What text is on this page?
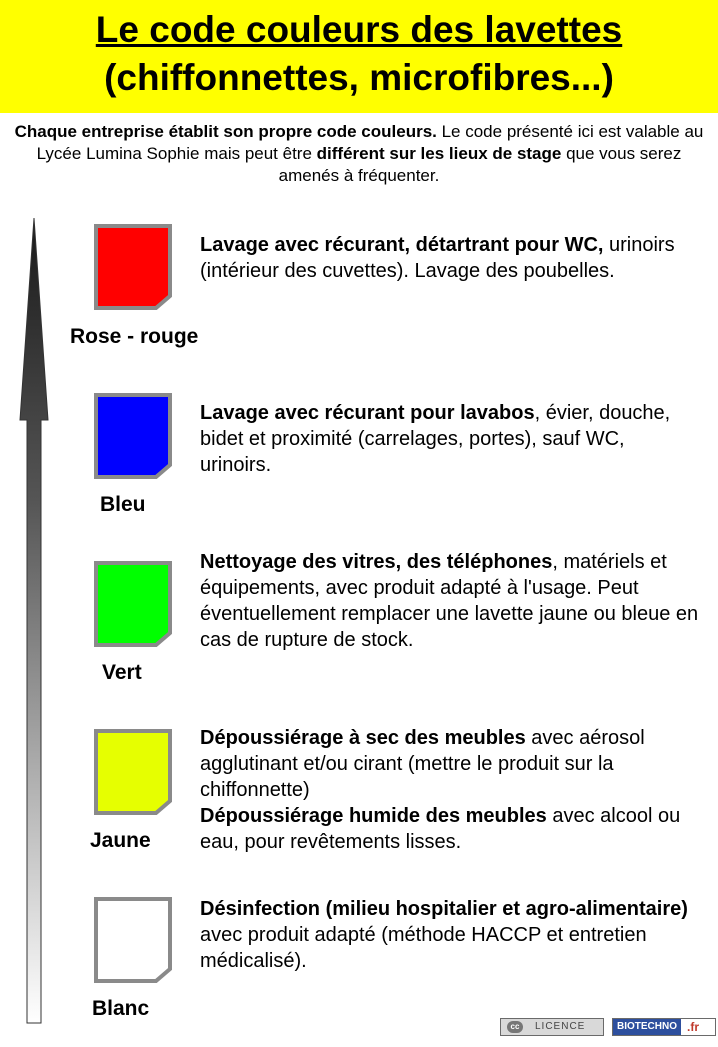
Le code couleurs des lavettes
(chiffonnettes, microfibres...)
Chaque entreprise établit son propre code couleurs. Le code présenté ici est valable au Lycée Lumina Sophie mais peut être différent sur les lieux de stage que vous serez amenés à fréquenter.
Rose - rouge
Lavage avec récurant, détartrant pour WC, urinoirs (intérieur des cuvettes). Lavage des poubelles.
Bleu
Lavage avec récurant pour lavabos, évier, douche, bidet et proximité (carrelages, portes), sauf WC, urinoirs.
Vert
Nettoyage des vitres, des téléphones, matériels et équipements, avec produit adapté à l'usage. Peut éventuellement remplacer une lavette jaune ou bleue en cas de rupture de stock.
Jaune
Dépoussiérage à sec des meubles avec aérosol agglutinant et/ou cirant (mettre le produit sur la chiffonnette)
Dépoussiérage humide des meubles avec alcool ou eau, pour revêtements lisses.
Blanc
Désinfection (milieu hospitalier et agro-alimentaire) avec produit adapté (méthode HACCP et entretien médicalisé).
cc	LICENCE	BIOTECHNO .fr
